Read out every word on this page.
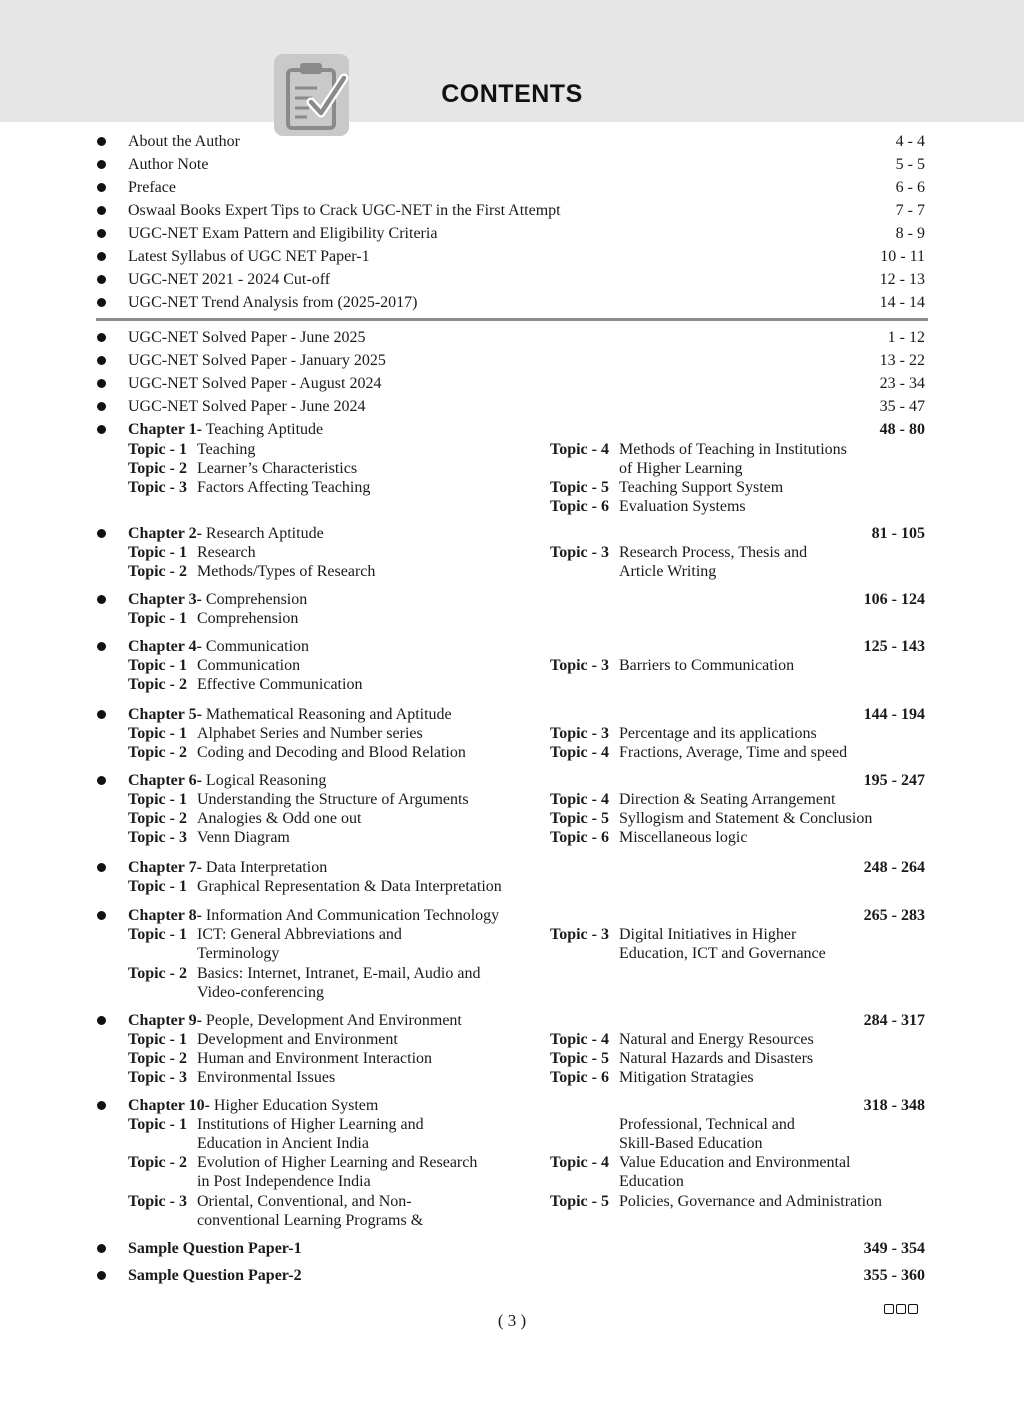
CONTENTS
About the Author	4 - 4
Author Note	5 - 5
Preface	6 - 6
Oswaal Books Expert Tips to Crack UGC-NET in the First Attempt	7 - 7
UGC-NET Exam Pattern and Eligibility Criteria	8 - 9
Latest Syllabus of UGC NET Paper-1	10 - 11
UGC-NET 2021 - 2024 Cut-off	12 - 13
UGC-NET Trend Analysis from (2025-2017)	14 - 14
UGC-NET Solved Paper - June 2025	1 - 12
UGC-NET Solved Paper - January 2025	13 - 22
UGC-NET Solved Paper - August 2024	23 - 34
UGC-NET Solved Paper - June 2024	35 - 47
Chapter 1- Teaching Aptitude	48 - 80
Topic - 1 Teaching
Topic - 2 Learner’s Characteristics
Topic - 3 Factors Affecting Teaching
Topic - 4 Methods of Teaching in Institutions
of Higher Learning
Topic - 5 Teaching Support System
Topic - 6 Evaluation Systems
Chapter 2- Research Aptitude	81 - 105
Topic - 1 Research
Topic - 2 Methods/Types of Research
Topic - 3 Research Process, Thesis and
Article Writing
Chapter 3- Comprehension	106 - 124
Topic - 1 Comprehension
Chapter 4- Communication	125 - 143
Topic - 1 Communication
Topic - 2 Effective Communication
Topic - 3 Barriers to Communication
Chapter 5- Mathematical Reasoning and Aptitude	144 - 194
Topic - 1 Alphabet Series and Number series
Topic - 2 Coding and Decoding and Blood Relation
Topic - 3 Percentage and its applications
Topic - 4 Fractions, Average, Time and speed
Chapter 6- Logical Reasoning	195 - 247
Topic - 1 Understanding the Structure of Arguments
Topic - 2 Analogies & Odd one out
Topic - 3 Venn Diagram
Topic - 4 Direction & Seating Arrangement
Topic - 5 Syllogism and Statement & Conclusion
Topic - 6 Miscellaneous logic
Chapter 7- Data Interpretation	248 - 264
Topic - 1 Graphical Representation & Data Interpretation
Chapter 8- Information And Communication Technology	265 - 283
Topic - 1 ICT: General Abbreviations and
Terminology
Topic - 2 Basics: Internet, Intranet, E-mail, Audio and
Video-conferencing
Topic - 3 Digital Initiatives in Higher
Education, ICT and Governance
Chapter 9- People, Development And Environment	284 - 317
Topic - 1 Development and Environment
Topic - 2 Human and Environment Interaction
Topic - 3 Environmental Issues
Topic - 4 Natural and Energy Resources
Topic - 5 Natural Hazards and Disasters
Topic - 6 Mitigation Stratagies
Chapter 10- Higher Education System	318 - 348
Topic - 1 Institutions of Higher Learning and
Education in Ancient India
Topic - 2 Evolution of Higher Learning and Research
in Post Independence India
Topic - 3 Oriental, Conventional, and Non-
conventional Learning Programs &
Professional, Technical and
Skill-Based Education
Topic - 4 Value Education and Environmental
Education
Topic - 5 Policies, Governance and Administration
Sample Question Paper-1	349 - 354
Sample Question Paper-2	355 - 360
( 3 )
